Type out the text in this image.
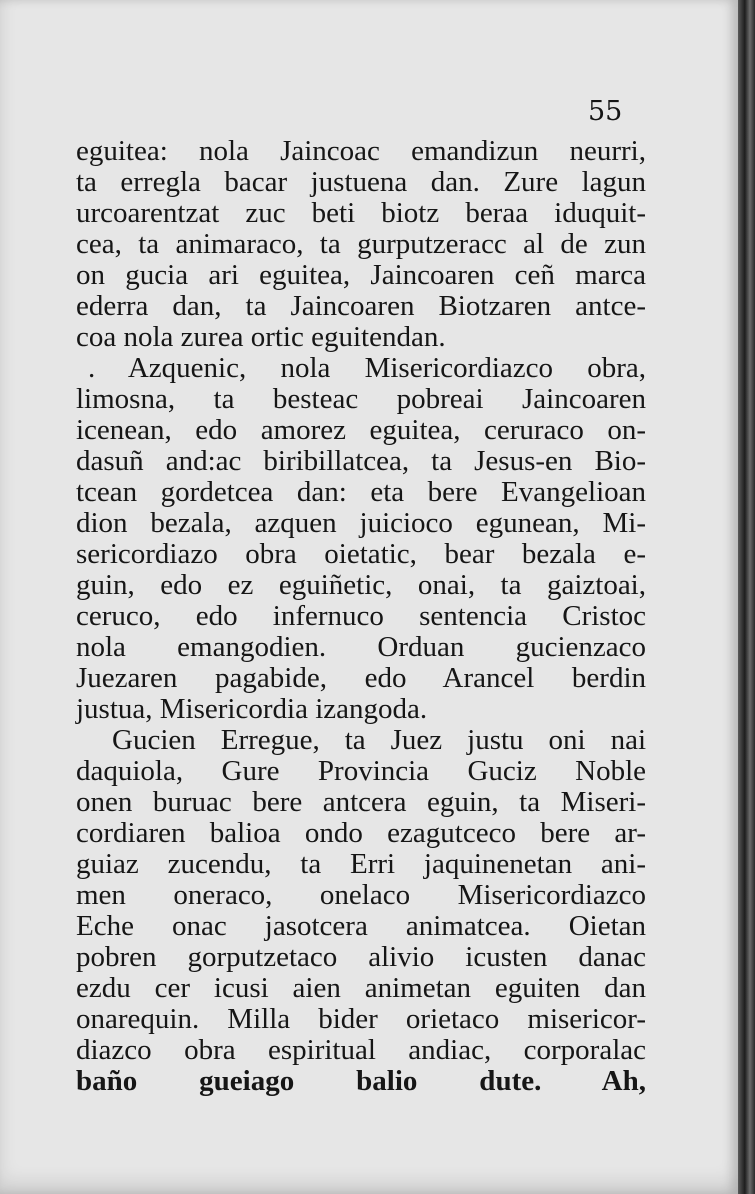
55
eguitea: nola Jaincoac emandizun neurri,
ta erregla bacar justuena dan. Zure lagun
urcoarentzat zuc beti biotz beraa iduquit-
cea, ta animaraco, ta gurputzeracc al de zun
on gucia ari eguitea, Jaincoaren ceñ marca
ederra dan, ta Jaincoaren Biotzaren antce-
coa nola zurea ortic eguitendan.
. Azquenic, nola Misericordiazco obra,
limosna, ta besteac pobreai Jaincoaren
icenean, edo amorez eguitea, ceruraco on-
dasuñ and:ac biribillatcea, ta Jesus-en Bio-
tcean gordetcea dan: eta bere Evangelioan
dion bezala, azquen juicioco egunean, Mi-
sericordiazo obra oietatic, bear bezala e-
guin, edo ez eguiñetic, onai, ta gaiztoai,
ceruco, edo infernuco sentencia Cristoc
nola emangodien. Orduan gucienzaco
Juezaren pagabide, edo Arancel berdin
justua, Misericordia izangoda.
Gucien Erregue, ta Juez justu oni nai
daquiola, Gure Provincia Guciz Noble
onen buruac bere antcera eguin, ta Miseri-
cordiaren balioa ondo ezagutceco bere ar-
guiaz zucendu, ta Erri jaquinenetan ani-
men oneraco, onelaco Misericordiazco
Eche onac jasotcera animatcea. Oietan
pobren gorputzetaco alivio icusten danac
ezdu cer icusi aien animetan eguiten dan
onarequin. Milla bider orietaco misericor-
diazco obra espiritual andiac, corporalac
baño gueiago balio dute. Ah,
